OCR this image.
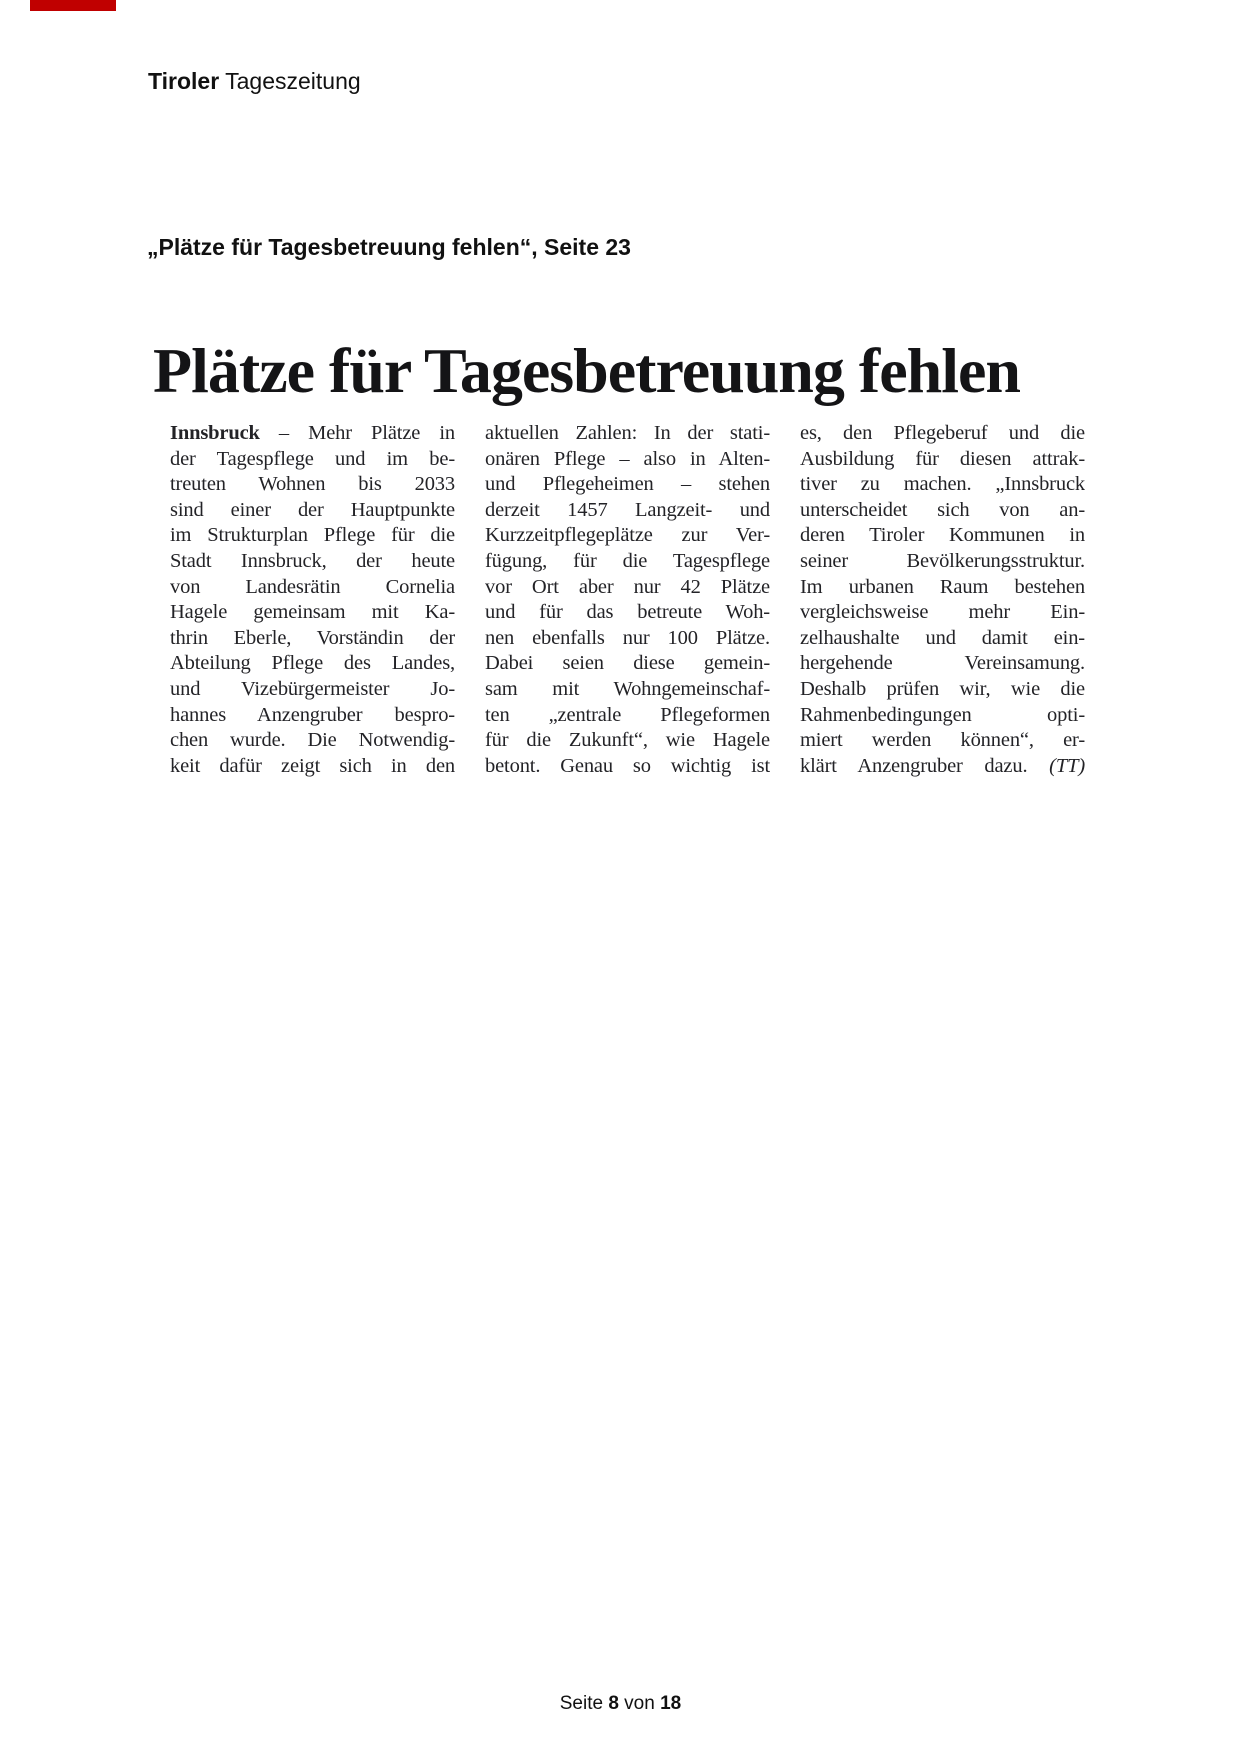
Tiroler Tageszeitung
„Plätze für Tagesbetreuung fehlen“, Seite 23
Plätze für Tagesbetreuung fehlen
Innsbruck – Mehr Plätze in
der Tagespflege und im be-
treuten Wohnen bis 2033
sind einer der Hauptpunkte
im Strukturplan Pflege für die
Stadt Innsbruck, der heute
von Landesrätin Cornelia
Hagele gemeinsam mit Ka-
thrin Eberle, Vorständin der
Abteilung Pflege des Landes,
und Vizebürgermeister Jo-
hannes Anzengruber bespro-
chen wurde. Die Notwendig-
keit dafür zeigt sich in den
aktuellen Zahlen: In der stati-
onären Pflege – also in Alten-
und Pflegeheimen – stehen
derzeit 1457 Langzeit- und
Kurzzeitpflegeplätze zur Ver-
fügung, für die Tagespflege
vor Ort aber nur 42 Plätze
und für das betreute Woh-
nen ebenfalls nur 100 Plätze.
Dabei seien diese gemein-
sam mit Wohngemeinschaf-
ten „zentrale Pflegeformen
für die Zukunft“, wie Hagele
betont. Genau so wichtig ist
es, den Pflegeberuf und die
Ausbildung für diesen attrak-
tiver zu machen. „Innsbruck
unterscheidet sich von an-
deren Tiroler Kommunen in
seiner Bevölkerungsstruktur.
Im urbanen Raum bestehen
vergleichsweise mehr Ein-
zelhaushalte und damit ein-
hergehende Vereinsamung.
Deshalb prüfen wir, wie die
Rahmenbedingungen opti-
miert werden können“, er-
klärt Anzengruber dazu. (TT)
Seite 8 von 18
